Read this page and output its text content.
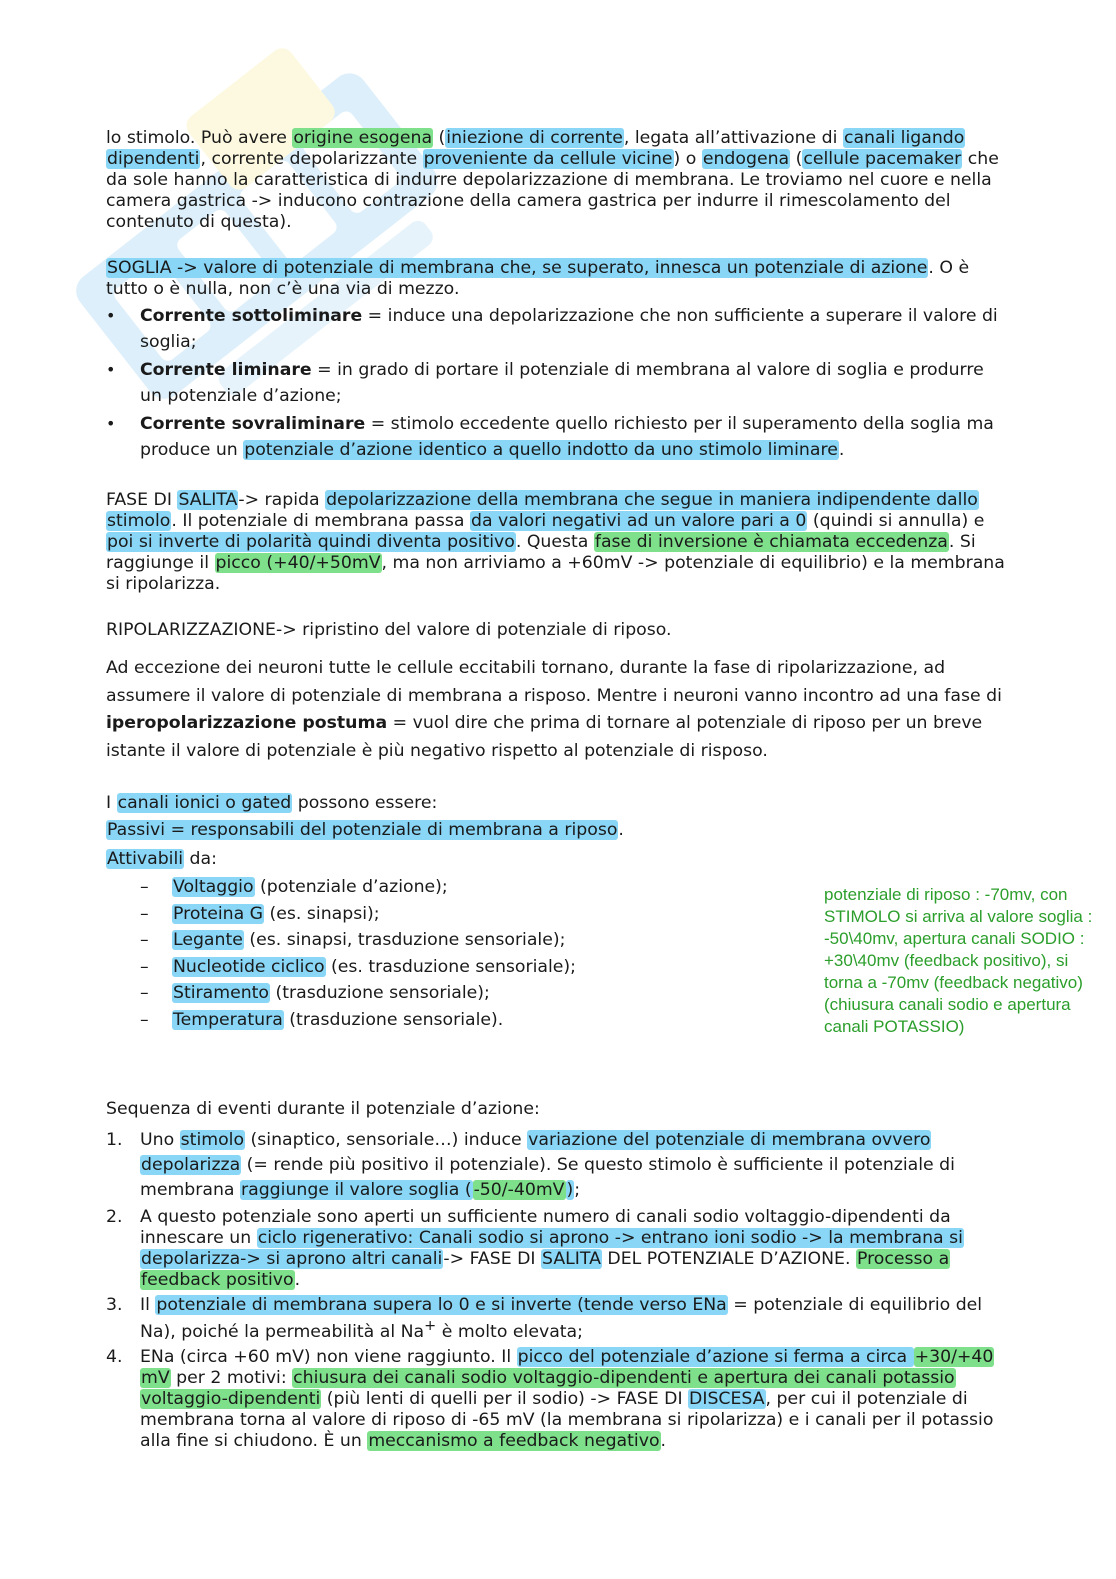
lo stimolo. Può avere origine esogena (iniezione di corrente, legata all’attivazione di canali ligando dipendenti, corrente depolarizzante proveniente da cellule vicine) o endogena (cellule pacemaker che da sole hanno la caratteristica di indurre depolarizzazione di membrana. Le troviamo nel cuore e nella camera gastrica -> inducono contrazione della camera gastrica per indurre il rimescolamento del contenuto di questa).

SOGLIA -> valore di potenziale di membrana che, se superato, innesca un potenziale di azione. O è tutto o è nulla, non c’è una via di mezzo.

• Corrente sottoliminare = induce una depolarizzazione che non sufficiente a superare il valore di soglia;
• Corrente liminare = in grado di portare il potenziale di membrana al valore di soglia e produrre un potenziale d’azione;
• Corrente sovraliminare = stimolo eccedente quello richiesto per il superamento della soglia ma produce un potenziale d’azione identico a quello indotto da uno stimolo liminare.

FASE DI SALITA-> rapida depolarizzazione della membrana che segue in maniera indipendente dallo stimolo. Il potenziale di membrana passa da valori negativi ad un valore pari a 0 (quindi si annulla) e poi si inverte di polarità quindi diventa positivo. Questa fase di inversione è chiamata eccedenza. Si raggiunge il picco (+40/+50mV, ma non arriviamo a +60mV -> potenziale di equilibrio) e la membrana si ripolarizza.

RIPOLARIZZAZIONE-> ripristino del valore di potenziale di riposo.

Ad eccezione dei neuroni tutte le cellule eccitabili tornano, durante la fase di ripolarizzazione, ad assumere il valore di potenziale di membrana a risposo. Mentre i neuroni vanno incontro ad una fase di iperopolarizzazione postuma = vuol dire che prima di tornare al potenziale di riposo per un breve istante il valore di potenziale è più negativo rispetto al potenziale di risposo.

I canali ionici o gated possono essere:

Passivi = responsabili del potenziale di membrana a riposo.

Attivabili da:

– Voltaggio (potenziale d’azione);
– Proteina G (es. sinapsi);
– Legante (es. sinapsi, trasduzione sensoriale);
– Nucleotide ciclico (es. trasduzione sensoriale);
– Stiramento (trasduzione sensoriale);
– Temperatura (trasduzione sensoriale).

Sequenza di eventi durante il potenziale d’azione:

1. Uno stimolo (sinaptico, sensoriale…) induce variazione del potenziale di membrana ovvero depolarizza (= rende più positivo il potenziale). Se questo stimolo è sufficiente il potenziale di membrana raggiunge il valore soglia ( -50/-40mV );
2. A questo potenziale sono aperti un sufficiente numero di canali sodio voltaggio-dipendenti da innescare un ciclo rigenerativo: Canali sodio si aprono -> entrano ioni sodio -> la membrana si depolarizza-> si aprono altri canali-> FASE DI SALITA DEL POTENZIALE D’AZIONE. Processo a feedback positivo.
3. Il potenziale di membrana supera lo 0 e si inverte (tende verso ENa = potenziale di equilibrio del Na), poiché la permeabilità al Na+ è molto elevata;
4. ENa (circa +60 mV) non viene raggiunto. Il picco del potenziale d’azione si ferma a circa +30/+40 mV per 2 motivi: chiusura dei canali sodio voltaggio-dipendenti e apertura dei canali potassio voltaggio-dipendenti (più lenti di quelli per il sodio) -> FASE DI DISCESA, per cui il potenziale di membrana torna al valore di riposo di -65 mV (la membrana si ripolarizza) e i canali per il potassio alla fine si chiudono. È un meccanismo a feedback negativo.
potenziale di riposo : -70mv, con STIMOLO si arriva al valore soglia : -50\40mv, apertura canali SODIO : +30\40mv (feedback positivo), si torna a -70mv (feedback negativo) (chiusura canali sodio e apertura canali POTASSIO)
